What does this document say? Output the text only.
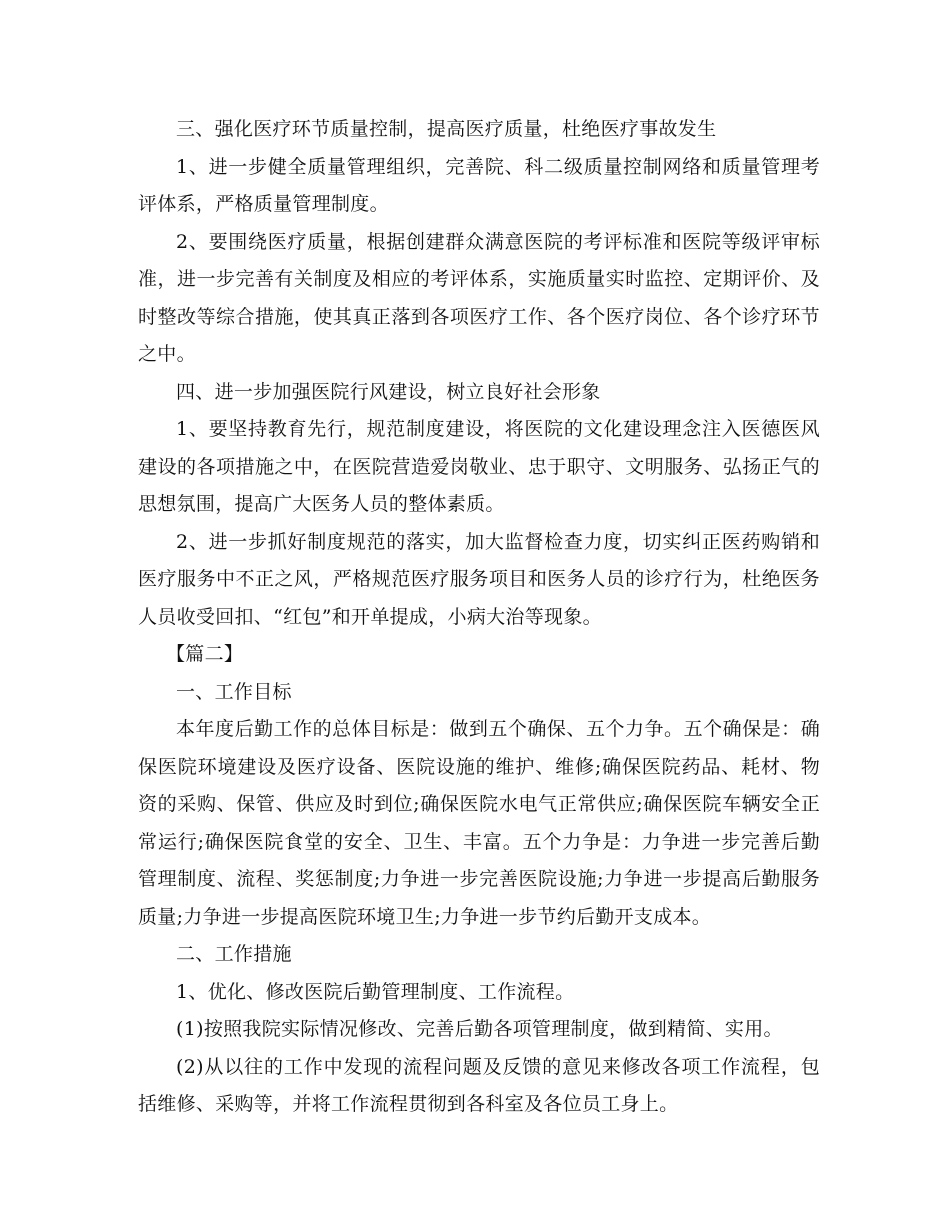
三、强化医疗环节质量控制，提高医疗质量，杜绝医疗事故发生

1、进一步健全质量管理组织，完善院、科二级质量控制网络和质量管理考评体系，严格质量管理制度。

2、要围绕医疗质量，根据创建群众满意医院的考评标准和医院等级评审标准，进一步完善有关制度及相应的考评体系，实施质量实时监控、定期评价、及时整改等综合措施，使其真正落到各项医疗工作、各个医疗岗位、各个诊疗环节之中。

四、进一步加强医院行风建设，树立良好社会形象

1、要坚持教育先行，规范制度建设，将医院的文化建设理念注入医德医风建设的各项措施之中，在医院营造爱岗敬业、忠于职守、文明服务、弘扬正气的思想氛围，提高广大医务人员的整体素质。

2、进一步抓好制度规范的落实，加大监督检查力度，切实纠正医药购销和医疗服务中不正之风，严格规范医疗服务项目和医务人员的诊疗行为，杜绝医务人员收受回扣、“红包”和开单提成，小病大治等现象。

【篇二】

一、工作目标

本年度后勤工作的总体目标是：做到五个确保、五个力争。五个确保是：确保医院环境建设及医疗设备、医院设施的维护、维修;确保医院药品、耗材、物资的采购、保管、供应及时到位;确保医院水电气正常供应;确保医院车辆安全正常运行;确保医院食堂的安全、卫生、丰富。五个力争是：力争进一步完善后勤管理制度、流程、奖惩制度;力争进一步完善医院设施;力争进一步提高后勤服务质量;力争进一步提高医院环境卫生;力争进一步节约后勤开支成本。

二、工作措施

1、优化、修改医院后勤管理制度、工作流程。

(1)按照我院实际情况修改、完善后勤各项管理制度，做到精简、实用。

(2)从以往的工作中发现的流程问题及反馈的意见来修改各项工作流程，包括维修、采购等，并将工作流程贯彻到各科室及各位员工身上。
